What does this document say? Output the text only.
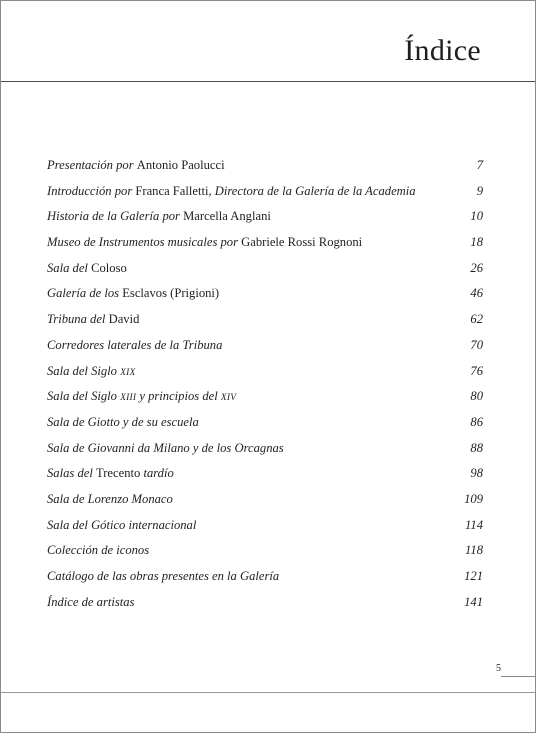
Índice
Presentación por Antonio Paolucci	7
Introducción por Franca Falletti, Directora de la Galería de la Academia	9
Historia de la Galería por Marcella Anglani	10
Museo de Instrumentos musicales por Gabriele Rossi Rognoni	18
Sala del Coloso	26
Galería de los Esclavos (Prigioni)	46
Tribuna del David	62
Corredores laterales de la Tribuna	70
Sala del Siglo XIX	76
Sala del Siglo XIII y principios del XIV	80
Sala de Giotto y de su escuela	86
Sala de Giovanni da Milano y de los Orcagnas	88
Salas del Trecento tardío	98
Sala de Lorenzo Monaco	109
Sala del Gótico internacional	114
Colección de iconos	118
Catálogo de las obras presentes en la Galería	121
Índice de artistas	141
5
